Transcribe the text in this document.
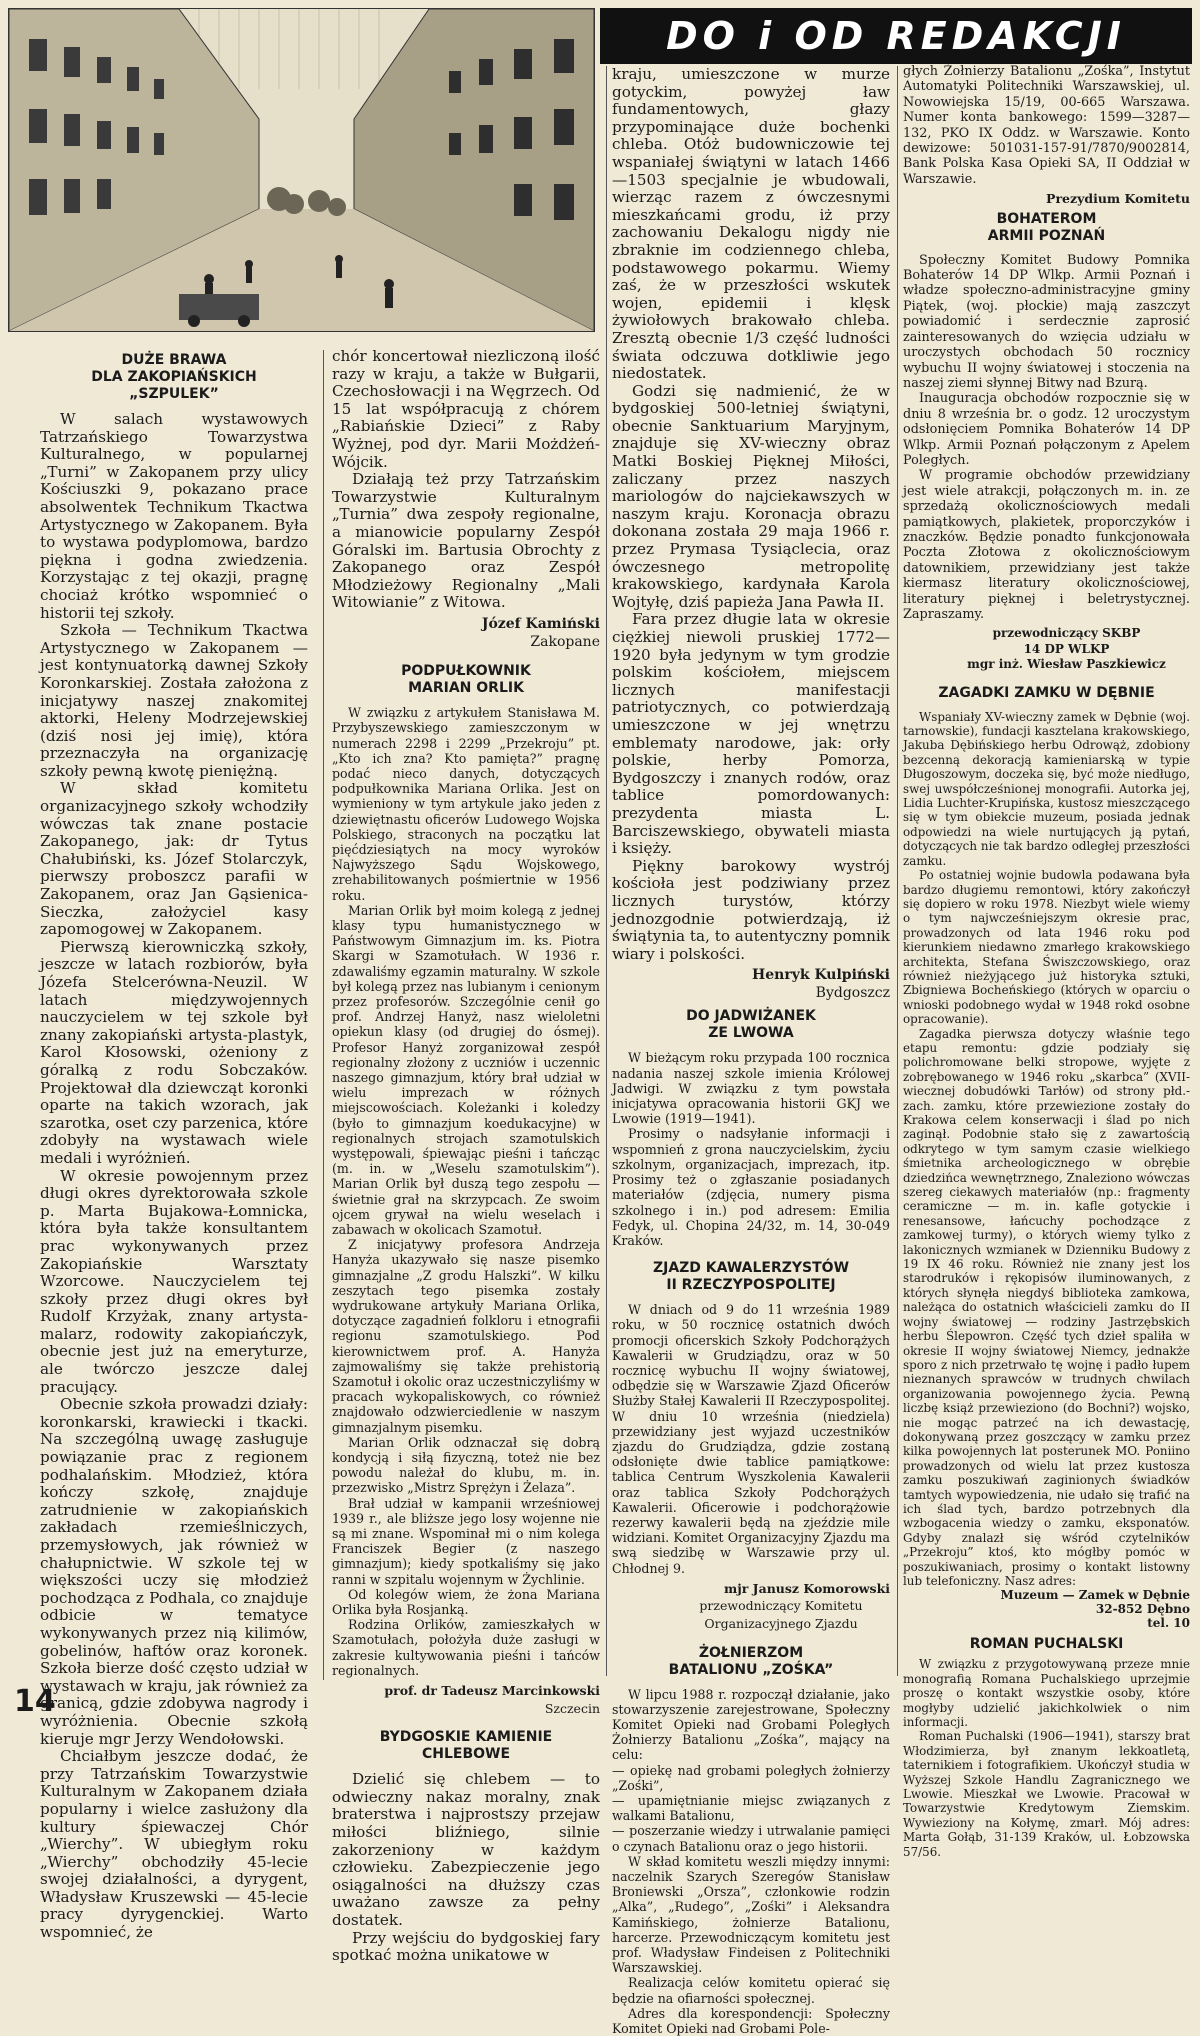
DO i OD REDAKCJI
DUŻE BRAWA
DLA ZAKOPIAŃSKICH
„SZPULEK”

W salach wystawowych Tatrzańskiego Towarzystwa Kulturalnego, w popularnej „Turni” w Zakopanem przy ulicy Kościuszki 9, pokazano prace absolwentek Technikum Tkactwa Artystycznego w Zakopanem. Była to wystawa podyplomowa, bardzo piękna i godna zwiedzenia. Korzystając z tej okazji, pragnę chociaż krótko wspomnieć o historii tej szkoły.

Szkoła — Technikum Tkactwa Artystycznego w Zakopanem — jest kontynuatorką dawnej Szkoły Koronkarskiej. Została założona z inicjatywy naszej znakomitej aktorki, Heleny Modrzejewskiej (dziś nosi jej imię), która przeznaczyła na organizację szkoły pewną kwotę pieniężną.

W skład komitetu organizacyjnego szkoły wchodziły wówczas tak znane postacie Zakopanego, jak: dr Tytus Chałubiński, ks. Józef Stolarczyk, pierwszy proboszcz parafii w Zakopanem, oraz Jan Gąsienica-Sieczka, założyciel kasy zapomogowej w Zakopanem.

Pierwszą kierowniczką szkoły, jeszcze w latach rozbiorów, była Józefa Stelcerówna-Neuzil. W latach międzywojennych nauczycielem w tej szkole był znany zakopiański artysta-plastyk, Karol Kłosowski, ożeniony z góralką z rodu Sobczaków. Projektował dla dziewcząt koronki oparte na takich wzorach, jak szarotka, oset czy parzenica, które zdobyły na wystawach wiele medali i wyróżnień.

W okresie powojennym przez długi okres dyrektorowała szkole p. Marta Bujakowa-Łomnicka, która była także konsultantem prac wykonywanych przez Zakopiańskie Warsztaty Wzorcowe. Nauczycielem tej szkoły przez długi okres był Rudolf Krzyżak, znany artysta-malarz, rodowity zakopiańczyk, obecnie jest już na emeryturze, ale twórczo jeszcze dalej pracujący.

Obecnie szkoła prowadzi działy: koronkarski, krawiecki i tkacki. Na szczególną uwagę zasługuje powiązanie prac z regionem podhalańskim. Młodzież, która kończy szkołę, znajduje zatrudnienie w zakopiańskich zakładach rzemieślniczych, przemysłowych, jak również w chałupnictwie. W szkole tej w większości uczy się młodzież pochodząca z Podhala, co znajduje odbicie w tematyce wykonywanych przez nią kilimów, gobelinów, haftów oraz koronek. Szkoła bierze dość często udział w wystawach w kraju, jak również za granicą, gdzie zdobywa nagrody i wyróżnienia. Obecnie szkołą kieruje mgr Jerzy Wendołowski.

Chciałbym jeszcze dodać, że przy Tatrzańskim Towarzystwie Kulturalnym w Zakopanem działa popularny i wielce zasłużony dla kultury śpiewaczej Chór „Wierchy”. W ubiegłym roku „Wierchy” obchodziły 45-lecie swojej działalności, a dyrygent, Władysław Kruszewski — 45-lecie pracy dyrygenckiej. Warto wspomnieć, że

chór koncertował niezliczoną ilość razy w kraju, a także w Bułgarii, Czechosłowacji i na Węgrzech. Od 15 lat współpracują z chórem „Rabiańskie Dzieci” z Raby Wyżnej, pod dyr. Marii Możdżeń-Wójcik.

Działają też przy Tatrzańskim Towarzystwie Kulturalnym „Turnia” dwa zespoły regionalne, a mianowicie popularny Zespół Góralski im. Bartusia Obrochty z Zakopanego oraz Zespół Młodzieżowy Regionalny „Mali Witowianie” z Witowa.

Józef Kamiński
Zakopane
PODPUŁKOWNIK
MARIAN ORLIK

W związku z artykułem Stanisława M. Przybyszewskiego zamieszczonym w numerach 2298 i 2299 „Przekroju” pt. „Kto ich zna? Kto pamięta?” pragnę podać nieco danych, dotyczących podpułkownika Mariana Orlika. Jest on wymieniony w tym artykule jako jeden z dziewiętnastu oficerów Ludowego Wojska Polskiego, straconych na początku lat pięćdziesiątych na mocy wyroków Najwyższego Sądu Wojskowego, zrehabilitowanych pośmiertnie w 1956 roku.

Marian Orlik był moim kolegą z jednej klasy typu humanistycznego w Państwowym Gimnazjum im. ks. Piotra Skargi w Szamotułach. W 1936 r. zdawaliśmy egzamin maturalny. W szkole był kolegą przez nas lubianym i cenionym przez profesorów. Szczególnie cenił go prof. Andrzej Hanyż, nasz wieloletni opiekun klasy (od drugiej do ósmej). Profesor Hanyż zorganizował zespół regionalny złożony z uczniów i uczennic naszego gimnazjum, który brał udział w wielu imprezach w różnych miejscowościach. Koleżanki i koledzy (było to gimnazjum koedukacyjne) w regionalnych strojach szamotulskich występowali, śpiewając pieśni i tańcząc (m. in. w „Weselu szamotulskim”). Marian Orlik był duszą tego zespołu — świetnie grał na skrzypcach. Ze swoim ojcem grywał na wielu weselach i zabawach w okolicach Szamotuł.

Z inicjatywy profesora Andrzeja Hanyża ukazywało się nasze pisemko gimnazjalne „Z grodu Halszki”. W kilku zeszytach tego pisemka zostały wydrukowane artykuły Mariana Orlika, dotyczące zagadnień folkloru i etnografii regionu szamotulskiego. Pod kierownictwem prof. A. Hanyża zajmowaliśmy się także prehistorią Szamotuł i okolic oraz uczestniczyliśmy w pracach wykopaliskowych, co również znajdowało odzwierciedlenie w naszym gimnazjalnym pisemku.

Marian Orlik odznaczał się dobrą kondycją i siłą fizyczną, toteż nie bez powodu należał do klubu, m. in. przezwisko „Mistrz Sprężyn i Żelaza”.

Brał udział w kampanii wrześniowej 1939 r., ale bliższe jego losy wojenne nie są mi znane. Wspominał mi o nim kolega Franciszek Begier (z naszego gimnazjum); kiedy spotkaliśmy się jako ranni w szpitalu wojennym w Żychlinie.

Od kolegów wiem, że żona Mariana Orlika była Rosjanką.

Rodzina Orlików, zamieszkałych w Szamotułach, położyła duże zasługi w zakresie kultywowania pieśni i tańców regionalnych.

prof. dr Tadeusz Marcinkowski
Szczecin
BYDGOSKIE KAMIENIE
CHLEBOWE

Dzielić się chlebem — to odwieczny nakaz moralny, znak braterstwa i najprostszy przejaw miłości bliźniego, silnie zakorzeniony w każdym człowieku. Zabezpieczenie jego osiągalności na dłuższy czas uważano zawsze za pełny dostatek.

Przy wejściu do bydgoskiej fary spotkać można unikatowe w

kraju, umieszczone w murze gotyckim, powyżej ław fundamentowych, głazy przypominające duże bochenki chleba. Otóż budowniczowie tej wspaniałej świątyni w latach 1466—1503 specjalnie je wbudowali, wierząc razem z ówczesnymi mieszkańcami grodu, iż przy zachowaniu Dekalogu nigdy nie zbraknie im codziennego chleba, podstawowego pokarmu. Wiemy zaś, że w przeszłości wskutek wojen, epidemii i klęsk żywiołowych brakowało chleba. Zresztą obecnie 1/3 część ludności świata odczuwa dotkliwie jego niedostatek.

Godzi się nadmienić, że w bydgoskiej 500-letniej świątyni, obecnie Sanktuarium Maryjnym, znajduje się XV-wieczny obraz Matki Boskiej Pięknej Miłości, zaliczany przez naszych mariologów do najciekawszych w naszym kraju. Koronacja obrazu dokonana została 29 maja 1966 r. przez Prymasa Tysiąclecia, oraz ówczesnego metropolitę krakowskiego, kardynała Karola Wojtyłę, dziś papieża Jana Pawła II.

Fara przez długie lata w okresie ciężkiej niewoli pruskiej 1772—1920 była jedynym w tym grodzie polskim kościołem, miejscem licznych manifestacji patriotycznych, co potwierdzają umieszczone w jej wnętrzu emblematy narodowe, jak: orły polskie, herby Pomorza, Bydgoszczy i znanych rodów, oraz tablice pomordowanych: prezydenta miasta L. Barciszewskiego, obywateli miasta i księży.

Piękny barokowy wystrój kościoła jest podziwiany przez licznych turystów, którzy jednozgodnie potwierdzają, iż świątynia ta, to autentyczny pomnik wiary i polskości.

Henryk Kulpiński
Bydgoszcz
DO JADWIŻANEK
ZE LWOWA

W bieżącym roku przypada 100 rocznica nadania naszej szkole imienia Królowej Jadwigi. W związku z tym powstała inicjatywa opracowania historii GKJ we Lwowie (1919—1941).

Prosimy o nadsyłanie informacji i wspomnień z grona nauczycielskim, życiu szkolnym, organizacjach, imprezach, itp. Prosimy też o zgłaszanie posiadanych materiałów (zdjęcia, numery pisma szkolnego i in.) pod adresem: Emilia Fedyk, ul. Chopina 24/32, m. 14, 30-049 Kraków.

ZJAZD KAWALERZYSTÓW
II RZECZYPOSPOLITEJ

W dniach od 9 do 11 września 1989 roku, w 50 rocznicę ostatnich dwóch promocji oficerskich Szkoły Podchorążych Kawalerii w Grudziądzu, oraz w 50 rocznicę wybuchu II wojny światowej, odbędzie się w Warszawie Zjazd Oficerów Służby Stałej Kawalerii II Rzeczypospolitej. W dniu 10 września (niedziela) przewidziany jest wyjazd uczestników zjazdu do Grudziądza, gdzie zostaną odsłonięte dwie tablice pamiątkowe: tablica Centrum Wyszkolenia Kawalerii oraz tablica Szkoły Podchorążych Kawalerii. Oficerowie i podchorążowie rezerwy kawalerii będą na zjeździe mile widziani. Komitet Organizacyjny Zjazdu ma swą siedzibę w Warszawie przy ul. Chłodnej 9.

mjr Janusz Komorowski
przewodniczący Komitetu Organizacyjnego Zjazdu
ŻOŁNIERZOM
BATALIONU „ZOŚKA”

W lipcu 1988 r. rozpoczął działanie, jako stowarzyszenie zarejestrowane, Społeczny Komitet Opieki nad Grobami Poległych Żołnierzy Batalionu „Zośka”, mający na celu:

— opiekę nad grobami poległych żołnierzy „Zośki”,

— upamiętnianie miejsc związanych z walkami Batalionu,

— poszerzanie wiedzy i utrwalanie pamięci o czynach Batalionu oraz o jego historii.

W skład komitetu weszli między innymi: naczelnik Szarych Szeregów Stanisław Broniewski „Orsza”, członkowie rodzin „Alka”, „Rudego”, „Zośki” i Aleksandra Kamińskiego, żołnierze Batalionu, harcerze. Przewodniczącym komitetu jest prof. Władysław Findeisen z Politechniki Warszawskiej.

Realizacja celów komitetu opierać się będzie na ofiarności społecznej.

Adres dla korespondencji: Społeczny Komitet Opieki nad Grobami Pole-

głych Żołnierzy Batalionu „Zośka”, Instytut Automatyki Politechniki Warszawskiej, ul. Nowowiejska 15/19, 00-665 Warszawa. Numer konta bankowego: 1599—3287—132, PKO IX Oddz. w Warszawie. Konto dewizowe: 501031-157-91/7870/9002814, Bank Polska Kasa Opieki SA, II Oddział w Warszawie.

Prezydium Komitetu
BOHATEROM
ARMII POZNAŃ

Społeczny Komitet Budowy Pomnika Bohaterów 14 DP Wlkp. Armii Poznań i władze społeczno-administracyjne gminy Piątek, (woj. płockie) mają zaszczyt powiadomić i serdecznie zaprosić zainteresowanych do wzięcia udziału w uroczystych obchodach 50 rocznicy wybuchu II wojny światowej i stoczenia na naszej ziemi słynnej Bitwy nad Bzurą.

Inauguracja obchodów rozpocznie się w dniu 8 września br. o godz. 12 uroczystym odsłonięciem Pomnika Bohaterów 14 DP Wlkp. Armii Poznań połączonym z Apelem Poległych.

W programie obchodów przewidziany jest wiele atrakcji, połączonych m. in. ze sprzedażą okolicznościowych medali pamiątkowych, plakietek, proporczyków i znaczków. Będzie ponadto funkcjonowała Poczta Złotowa z okolicznościowym datownikiem, przewidziany jest także kiermasz literatury okolicznościowej, literatury pięknej i beletrystycznej. Zapraszamy.

przewodniczący SKBP
14 DP WLKP
mgr inż. Wiesław Paszkiewicz
ZAGADKI ZAMKU W DĘBNIE

Wspaniały XV-wieczny zamek w Dębnie (woj. tarnowskie), fundacji kasztelana krakowskiego, Jakuba Dębińskiego herbu Odrowąż, zdobiony bezcenną dekoracją kamieniarską w typie Długoszowym, doczeka się, być może niedługo, swej uwspółcześnionej monografii. Autorka jej, Lidia Luchter-Krupińska, kustosz mieszczącego się w tym obiekcie muzeum, posiada jednak odpowiedzi na wiele nurtujących ją pytań, dotyczących nie tak bardzo odległej przeszłości zamku.

Po ostatniej wojnie budowla podawana była bardzo długiemu remontowi, który zakończył się dopiero w roku 1978. Niezbyt wiele wiemy o tym najwcześniejszym okresie prac, prowadzonych od lata 1946 roku pod kierunkiem niedawno zmarłego krakowskiego architekta, Stefana Świszczowskiego, oraz również nieżyjącego już historyka sztuki, Zbigniewa Bocheńskiego (których w oparciu o wnioski podobnego wydał w 1948 rokd osobne opracowanie).

Zagadka pierwsza dotyczy właśnie tego etapu remontu: gdzie podziały się polichromowane belki stropowe, wyjęte z zobrębowanego w 1946 roku „skarbca” (XVII-wiecznej dobudówki Tarłów) od strony płd.-zach. zamku, które przewiezione zostały do Krakowa celem konserwacji i ślad po nich zaginął. Podobnie stało się z zawartością odkrytego w tym samym czasie wielkiego śmietnika archeologicznego w obrębie dziedzińca wewnętrznego, Znaleziono wówczas szereg ciekawych materiałów (np.: fragmenty ceramiczne — m. in. kafle gotyckie i renesansowe, łańcuchy pochodzące z zamkowej turmy), o których wiemy tylko z lakonicznych wzmianek w Dzienniku Budowy z 19 IX 46 roku. Również nie znany jest los starodruków i rękopisów iluminowanych, z których słynęła niegdyś biblioteka zamkowa, należąca do ostatnich właścicieli zamku do II wojny światowej — rodziny Jastrzębskich herbu Ślepowron. Część tych dzieł spaliła w okresie II wojny światowej Niemcy, jednakże sporo z nich przetrwało tę wojnę i padło łupem nieznanych sprawców w trudnych chwilach organizowania powojennego życia. Pewną liczbę książ przewieziono (do Bochni?) wojsko, nie mogąc patrzeć na ich dewastację, dokonywaną przez goszczący w zamku przez kilka powojennych lat posterunek MO. Poniino prowadzonych od wielu lat przez kustosza zamku poszukiwań zaginionych świadków tamtych wypowiedzenia, nie udało się trafić na ich ślad tych, bardzo potrzebnych dla wzbogacenia wiedzy o zamku, eksponatów. Gdyby znalazł się wśród czytelników „Przekroju” ktoś, kto mógłby pomóc w poszukiwaniach, prosimy o kontakt listowny lub telefoniczny. Nasz adres:

Muzeum — Zamek w Dębnie
32-852 Dębno
tel. 10
ROMAN PUCHALSKI

W związku z przygotowywaną przeze mnie monografią Romana Puchalskiego uprzejmie proszę o kontakt wszystkie osoby, które mogłyby udzielić jakichkolwiek o nim informacji.

Roman Puchalski (1906—1941), starszy brat Włodzimierza, był znanym lekkoatletą, taternikiem i fotografikiem. Ukończył studia w Wyższej Szkole Handlu Zagranicznego we Lwowie. Mieszkał we Lwowie. Pracował w Towarzystwie Kredytowym Ziemskim. Wywieziony na Kołymę, zmarł. Mój adres: Marta Gołąb, 31-139 Kraków, ul. Łobzowska 57/56.

14
